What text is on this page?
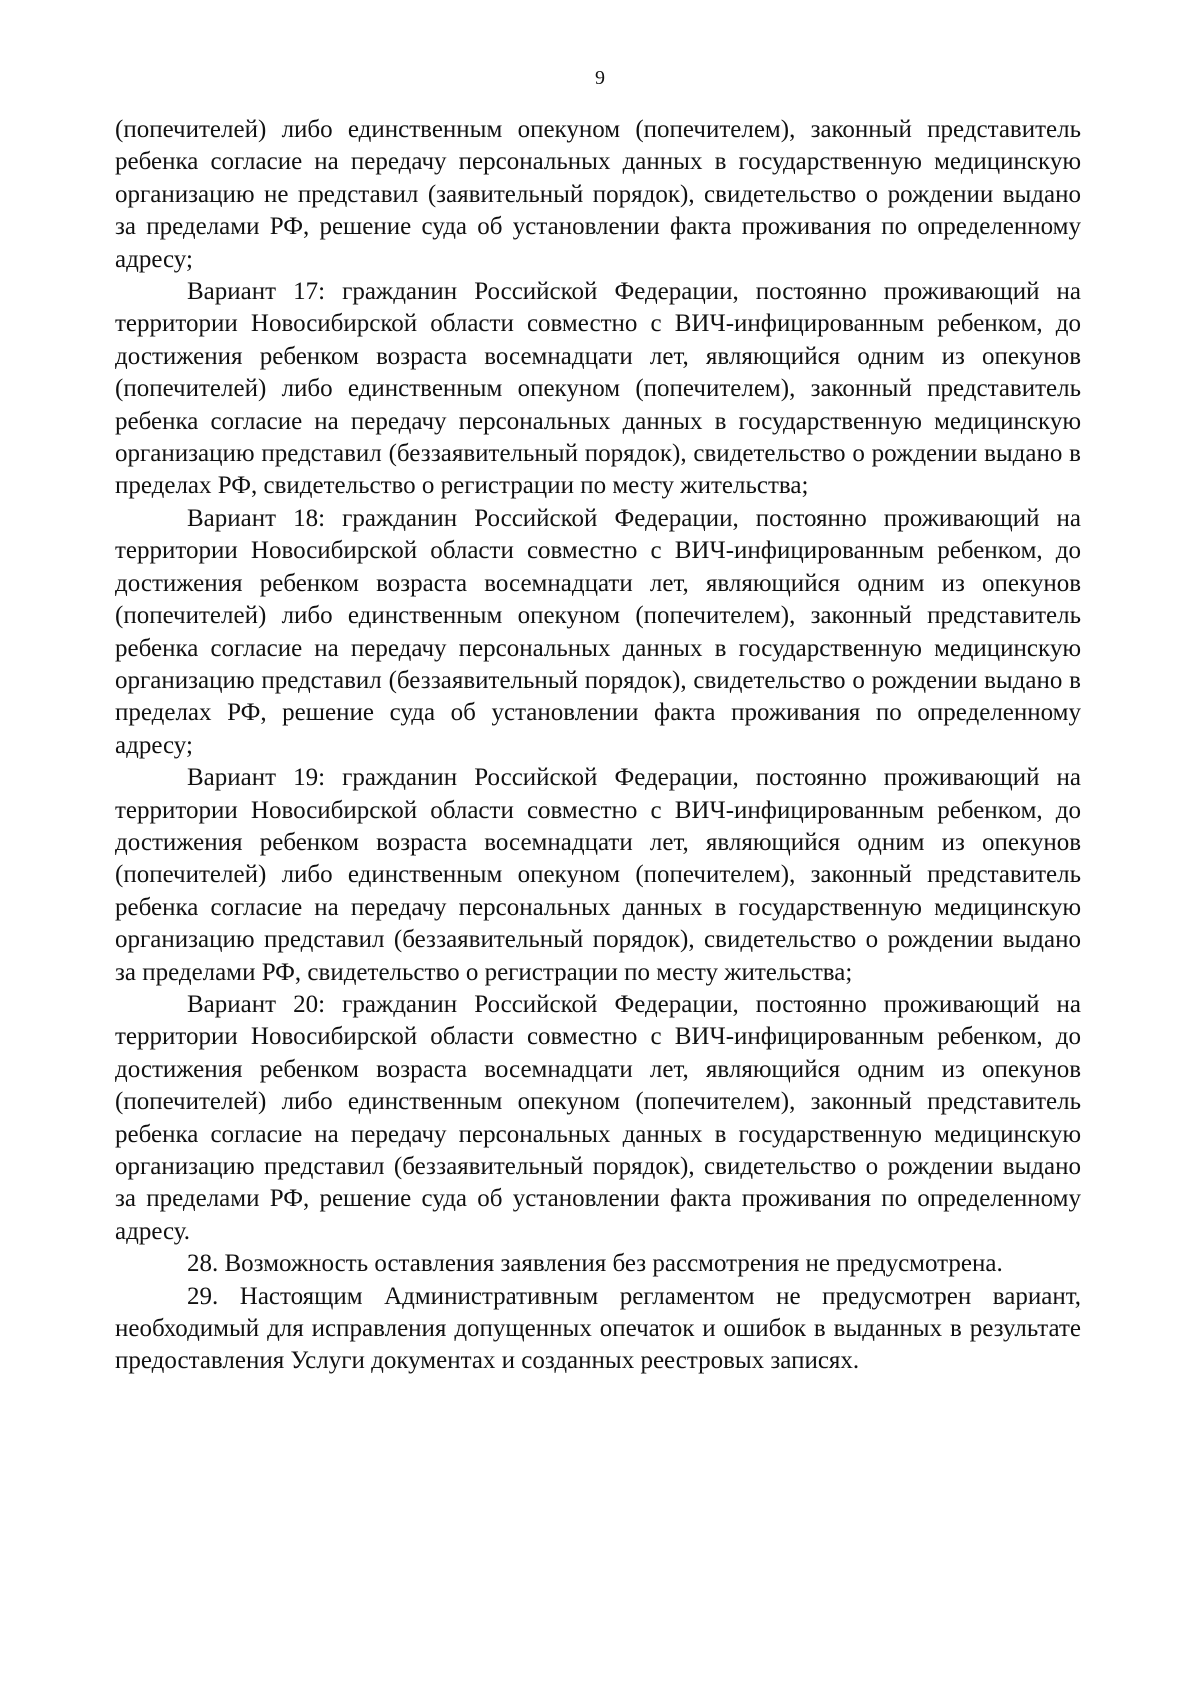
9

(попечителей) либо единственным опекуном (попечителем), законный представитель ребенка согласие на передачу персональных данных в государственную медицинскую организацию не представил (заявительный порядок), свидетельство о рождении выдано за пределами РФ, решение суда об установлении факта проживания по определенному адресу;

Вариант 17: гражданин Российской Федерации, постоянно проживающий на территории Новосибирской области совместно с ВИЧ-инфицированным ребенком, до достижения ребенком возраста восемнадцати лет, являющийся одним из опекунов (попечителей) либо единственным опекуном (попечителем), законный представитель ребенка согласие на передачу персональных данных в государственную медицинскую организацию представил (беззаявительный порядок), свидетельство о рождении выдано в пределах РФ, свидетельство о регистрации по месту жительства;

Вариант 18: гражданин Российской Федерации, постоянно проживающий на территории Новосибирской области совместно с ВИЧ-инфицированным ребенком, до достижения ребенком возраста восемнадцати лет, являющийся одним из опекунов (попечителей) либо единственным опекуном (попечителем), законный представитель ребенка согласие на передачу персональных данных в государственную медицинскую организацию представил (беззаявительный порядок), свидетельство о рождении выдано в пределах РФ, решение суда об установлении факта проживания по определенному адресу;

Вариант 19: гражданин Российской Федерации, постоянно проживающий на территории Новосибирской области совместно с ВИЧ-инфицированным ребенком, до достижения ребенком возраста восемнадцати лет, являющийся одним из опекунов (попечителей) либо единственным опекуном (попечителем), законный представитель ребенка согласие на передачу персональных данных в государственную медицинскую организацию представил (беззаявительный порядок), свидетельство о рождении выдано за пределами РФ, свидетельство о регистрации по месту жительства;

Вариант 20: гражданин Российской Федерации, постоянно проживающий на территории Новосибирской области совместно с ВИЧ-инфицированным ребенком, до достижения ребенком возраста восемнадцати лет, являющийся одним из опекунов (попечителей) либо единственным опекуном (попечителем), законный представитель ребенка согласие на передачу персональных данных в государственную медицинскую организацию представил (беззаявительный порядок), свидетельство о рождении выдано за пределами РФ, решение суда об установлении факта проживания по определенному адресу.

28. Возможность оставления заявления без рассмотрения не предусмотрена.

29. Настоящим Административным регламентом не предусмотрен вариант, необходимый для исправления допущенных опечаток и ошибок в выданных в результате предоставления Услуги документах и созданных реестровых записях.
